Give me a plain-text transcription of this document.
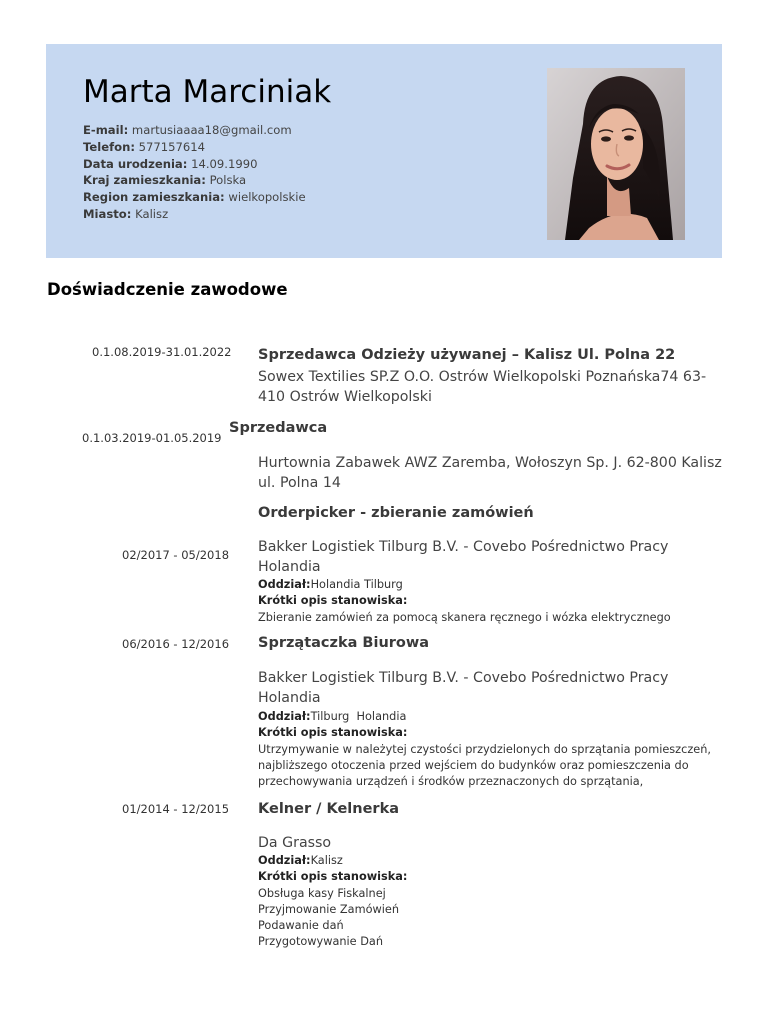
Marta Marciniak
E-mail: martusiaaaa18@gmail.com
Telefon: 577157614
Data urodzenia: 14.09.1990
Kraj zamieszkania: Polska
Region zamieszkania: wielkopolskie
Miasto: Kalisz
Doświadczenie zawodowe
0.1.08.2019-31.01.2022 Sprzedawca Odzieży używanej – Kalisz Ul. Polna 22
Sowex Textilies SP.Z O.O. Ostrów Wielkopolski Poznańska74 63-
410 Ostrów Wielkopolski
0.1.03.2019-01.05.2019
Sprzedawca
Hurtownia Zabawek AWZ Zaremba, Wołoszyn Sp. J. 62-800 Kalisz
ul. Polna 14
Orderpicker - zbieranie zamówień
02/2017 - 05/2018 Bakker Logistiek Tilburg B.V. - Covebo Pośrednictwo Pracy
Holandia
Oddział:Holandia Tilburg
Krótki opis stanowiska:
Zbieranie zamówień za pomocą skanera ręcznego i wózka elektrycznego
06/2016 - 12/2016 Sprzątaczka Biurowa
Bakker Logistiek Tilburg B.V. - Covebo Pośrednictwo Pracy
Holandia
Oddział:Tilburg  Holandia
Krótki opis stanowiska:
Utrzymywanie w należytej czystości przydzielonych do sprzątania pomieszczeń,
najbliższego otoczenia przed wejściem do budynków oraz pomieszczenia do
przechowywania urządzeń i środków przeznaczonych do sprzątania,
01/2014 - 12/2015 Kelner / Kelnerka
Da Grasso
Oddział:Kalisz
Krótki opis stanowiska:
Obsługa kasy Fiskalnej
Przyjmowanie Zamówień
Podawanie dań
Przygotowywanie Dań
